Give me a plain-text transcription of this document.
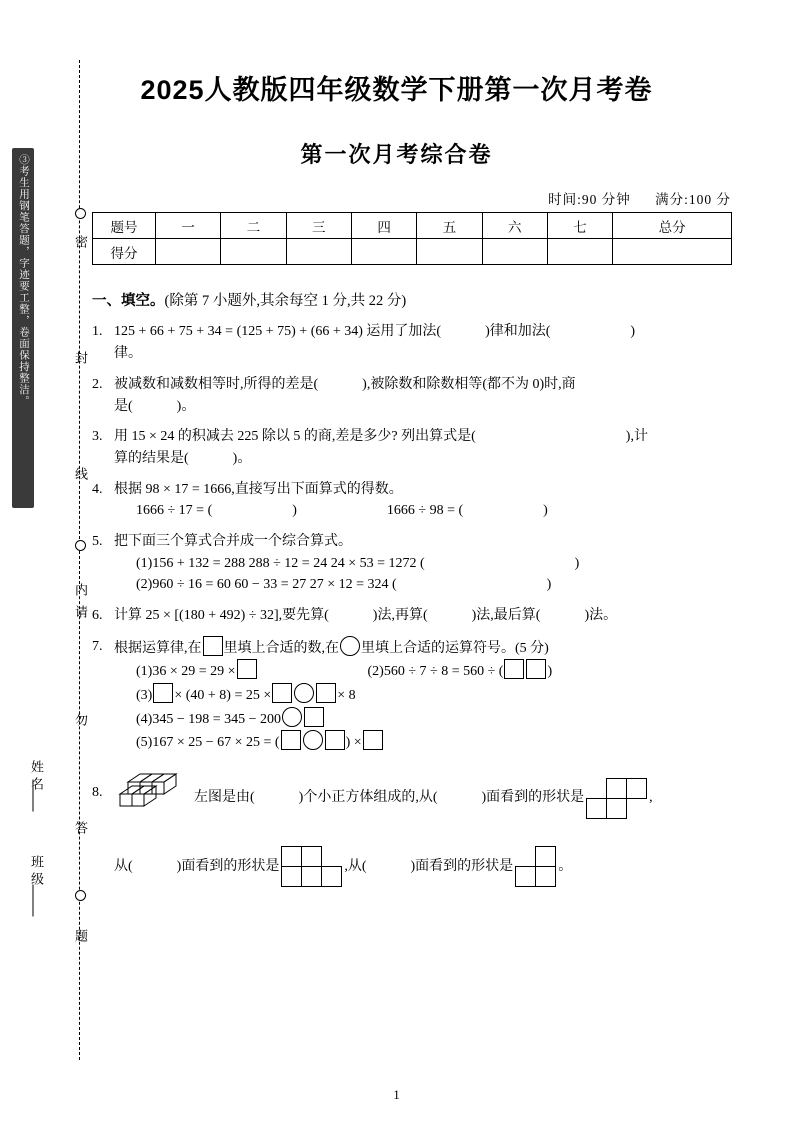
密 封 线 内
请 勿 答 题
③考生用钢笔答题，字迹要工整，卷面保持整洁。
姓名
班级
2025人教版四年级数学下册第一次月考卷
第一次月考综合卷
时间:90 分钟 满分:100 分
题号	一	二	三	四	五	六	七	总分
得分								
一、填空。(除第 7 小题外,其余每空 1 分,共 22 分)
1. 125 + 66 + 75 + 34 = (125 + 75) + (66 + 34) 运用了加法(	)律和加法(	)
律。
2. 被减数和减数相等时,所得的差是(	),被除数和除数相等(都不为 0)时,商
是(	)。
3. 用 15 × 24 的积减去 225 除以 5 的商,差是多少? 列出算式是(	),计
算的结果是(	)。
4. 根据 98 × 17 = 1666,直接写出下面算式的得数。
1666 ÷ 17 = (	)	1666 ÷ 98 = (	)
5. 把下面三个算式合并成一个综合算式。
(1)156 + 132 = 288 288 ÷ 12 = 24 24 × 53 = 1272 (	)
(2)960 ÷ 16 = 60 60 − 33 = 27 27 × 12 = 324 (	)
6. 计算 25 × [(180 + 492) ÷ 32],要先算(	)法,再算(	)法,最后算(	)法。
7. 根据运算律,在 里填上合适的数,在 里填上合适的运算符号。(5 分)
(1)36 × 29 = 29 ×	(2)560 ÷ 7 ÷ 8 = 560 ÷ (	)
(3) × (40 + 8) = 25 ×	× 8
(4)345 − 198 = 345 − 200
(5)167 × 25 − 67 × 25 = (	) ×
8.	左图是由(	)个小正方体组成的,从(	)面看到的形状是

			,
从(	)面看到的形状是

			,从(	)面看到的形状是

		。
1
